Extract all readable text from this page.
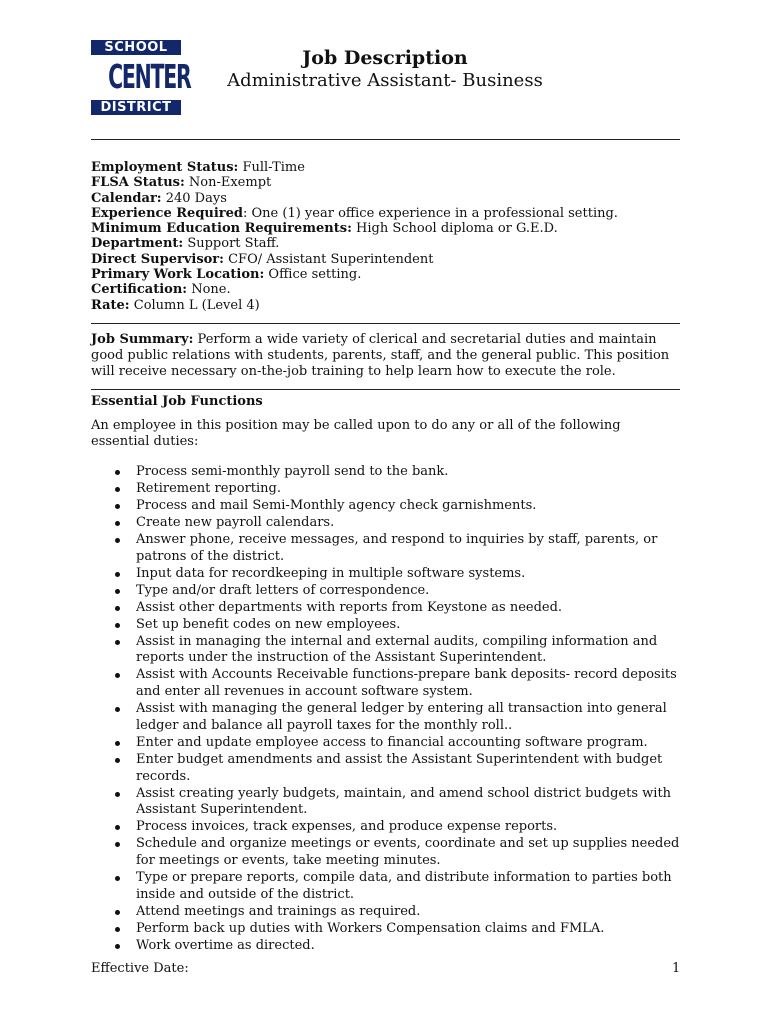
SCHOOL
CENTER
DISTRICT
Job Description
Administrative Assistant- Business
Employment Status: Full-Time
FLSA Status: Non-Exempt
Calendar: 240 Days
Experience Required: One (1) year office experience in a professional setting.
Minimum Education Requirements: High School diploma or G.E.D.
Department: Support Staff.
Direct Supervisor: CFO/ Assistant Superintendent
Primary Work Location: Office setting.
Certification: None.
Rate: Column L (Level 4)
Job Summary: Perform a wide variety of clerical and secretarial duties and maintain good public relations with students, parents, staff, and the general public. This position will receive necessary on-the-job training to help learn how to execute the role.
Essential Job Functions
An employee in this position may be called upon to do any or all of the following essential duties:
Process semi-monthly payroll send to the bank.
Retirement reporting.
Process and mail Semi-Monthly agency check garnishments.
Create new payroll calendars.
Answer phone, receive messages, and respond to inquiries by staff, parents, or patrons of the district.
Input data for recordkeeping in multiple software systems.
Type and/or draft letters of correspondence.
Assist other departments with reports from Keystone as needed.
Set up benefit codes on new employees.
Assist in managing the internal and external audits, compiling information and reports under the instruction of the Assistant Superintendent.
Assist with Accounts Receivable functions-prepare bank deposits- record deposits and enter all revenues in account software system.
Assist with managing the general ledger by entering all transaction into general ledger and balance all payroll taxes for the monthly roll..
Enter and update employee access to financial accounting software program.
Enter budget amendments and assist the Assistant Superintendent with budget records.
Assist creating yearly budgets, maintain, and amend school district budgets with Assistant Superintendent.
Process invoices, track expenses, and produce expense reports.
Schedule and organize meetings or events, coordinate and set up supplies needed for meetings or events, take meeting minutes.
Type or prepare reports, compile data, and distribute information to parties both inside and outside of the district.
Attend meetings and trainings as required.
Perform back up duties with Workers Compensation claims and FMLA.
Work overtime as directed.
Effective Date:	1
